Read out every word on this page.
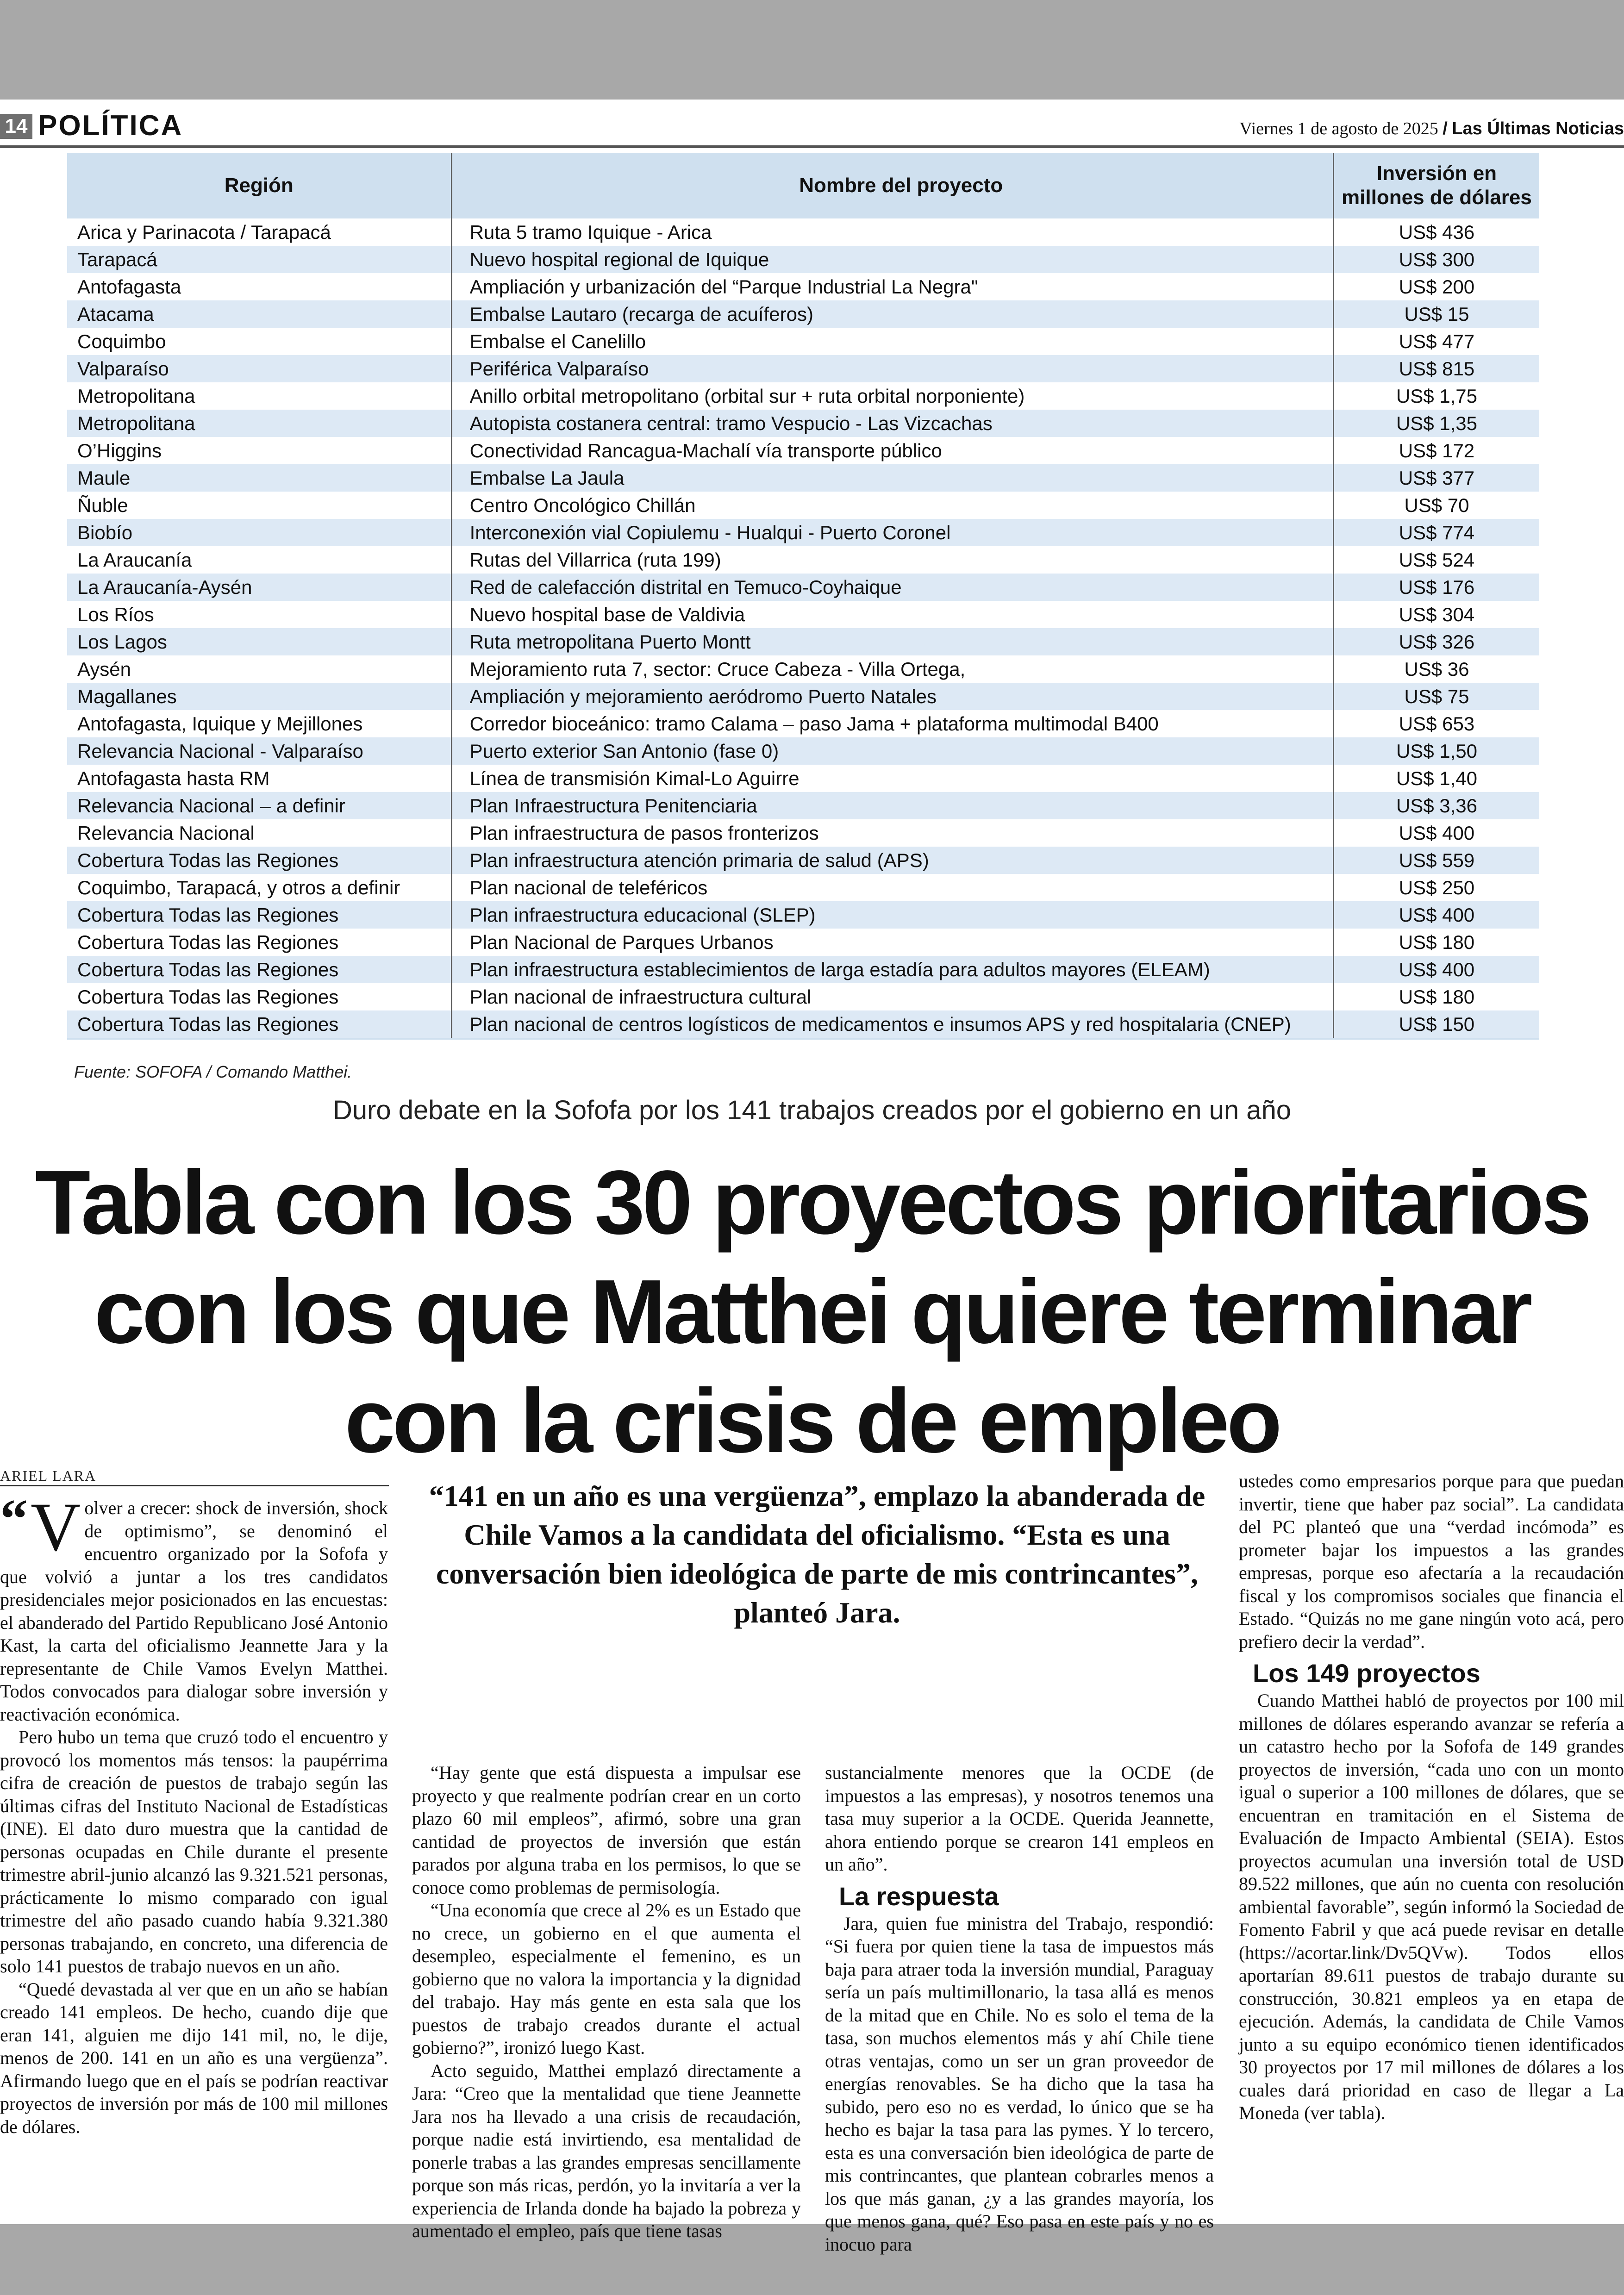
14 POLÍTICA	Viernes 1 de agosto de 2025 / Las Últimas Noticias
Región	Nombre del proyecto	Inversión en millones de dólares
Arica y Parinacota / Tarapacá	Ruta 5 tramo Iquique - Arica	US$ 436
Tarapacá	Nuevo hospital regional de Iquique	US$ 300
Antofagasta	Ampliación y urbanización del “Parque Industrial La Negra"	US$ 200
Atacama	Embalse Lautaro (recarga de acuíferos)	US$ 15
Coquimbo	Embalse el Canelillo	US$ 477
Valparaíso	Periférica Valparaíso	US$ 815
Metropolitana	Anillo orbital metropolitano (orbital sur + ruta orbital norponiente)	US$ 1,75
Metropolitana	Autopista costanera central: tramo Vespucio - Las Vizcachas	US$ 1,35
O’Higgins	Conectividad Rancagua-Machalí vía transporte público	US$ 172
Maule	Embalse La Jaula	US$ 377
Ñuble	Centro Oncológico Chillán	US$ 70
Biobío	Interconexión vial Copiulemu - Hualqui - Puerto Coronel	US$ 774
La Araucanía	Rutas del Villarrica (ruta 199)	US$ 524
La Araucanía-Aysén	Red de calefacción distrital en Temuco-Coyhaique	US$ 176
Los Ríos	Nuevo hospital base de Valdivia	US$ 304
Los Lagos	Ruta metropolitana Puerto Montt	US$ 326
Aysén	Mejoramiento ruta 7, sector: Cruce Cabeza - Villa Ortega,	US$ 36
Magallanes	Ampliación y mejoramiento aeródromo Puerto Natales	US$ 75
Antofagasta, Iquique y Mejillones	Corredor bioceánico: tramo Calama – paso Jama + plataforma multimodal B400	US$ 653
Relevancia Nacional - Valparaíso	Puerto exterior San Antonio (fase 0)	US$ 1,50
Antofagasta hasta RM	Línea de transmisión Kimal-Lo Aguirre	US$ 1,40
Relevancia Nacional – a definir	Plan Infraestructura Penitenciaria	US$ 3,36
Relevancia Nacional	Plan infraestructura de pasos fronterizos	US$ 400
Cobertura Todas las Regiones	Plan infraestructura atención primaria de salud (APS)	US$ 559
Coquimbo, Tarapacá, y otros a definir	Plan nacional de teleféricos	US$ 250
Cobertura Todas las Regiones	Plan infraestructura educacional (SLEP)	US$ 400
Cobertura Todas las Regiones	Plan Nacional de Parques Urbanos	US$ 180
Cobertura Todas las Regiones	Plan infraestructura establecimientos de larga estadía para adultos mayores (ELEAM)	US$ 400
Cobertura Todas las Regiones	Plan nacional de infraestructura cultural	US$ 180
Cobertura Todas las Regiones	Plan nacional de centros logísticos de medicamentos e insumos APS y red hospitalaria (CNEP)	US$ 150
Fuente: SOFOFA / Comando Matthei.
Duro debate en la Sofofa por los 141 trabajos creados por el gobierno en un año
Tabla con los 30 proyectos prioritarios
con los que Matthei quiere terminar
con la crisis de empleo
ARIEL LARA
“141 en un año es una vergüenza”, emplazo la abanderada de Chile Vamos a la candidata del oficialismo. “Esta es una conversación bien ideológica de parte de mis contrincantes”, planteó Jara.

“ V olver a crecer: shock de inversión, shock de optimismo”, se denominó el encuentro organizado por la Sofofa y que volvió a juntar a los tres candidatos presidenciales mejor posicionados en las encuestas: el abanderado del Partido Republicano José Antonio Kast, la carta del oficialismo Jeannette Jara y la representante de Chile Vamos Evelyn Matthei. Todos convocados para dialogar sobre inversión y reactivación económica.

Pero hubo un tema que cruzó todo el encuentro y provocó los momentos más tensos: la paupérrima cifra de creación de puestos de trabajo según las últimas cifras del Instituto Nacional de Estadísticas (INE). El dato duro muestra que la cantidad de personas ocupadas en Chile durante el presente trimestre abril-junio alcanzó las 9.321.521 personas, prácticamente lo mismo comparado con igual trimestre del año pasado cuando había 9.321.380 personas trabajando, en concreto, una diferencia de solo 141 puestos de trabajo nuevos en un año.

“Quedé devastada al ver que en un año se habían creado 141 empleos. De hecho, cuando dije que eran 141, alguien me dijo 141 mil, no, le dije, menos de 200. 141 en un año es una vergüenza”. Afirmando luego que en el país se podrían reactivar proyectos de inversión por más de 100 mil millones de dólares.

“Hay gente que está dispuesta a impulsar ese proyecto y que realmente podrían crear en un corto plazo 60 mil empleos”, afirmó, sobre una gran cantidad de proyectos de inversión que están parados por alguna traba en los permisos, lo que se conoce como problemas de permisología.

“Una economía que crece al 2% es un Estado que no crece, un gobierno en el que aumenta el desempleo, especialmente el femenino, es un gobierno que no valora la importancia y la dignidad del trabajo. Hay más gente en esta sala que los puestos de trabajo creados durante el actual gobierno?”, ironizó luego Kast.

Acto seguido, Matthei emplazó directamente a Jara: “Creo que la mentalidad que tiene Jeannette Jara nos ha llevado a una crisis de recaudación, porque nadie está invirtiendo, esa mentalidad de ponerle trabas a las grandes empresas sencillamente porque son más ricas, perdón, yo la invitaría a ver la experiencia de Irlanda donde ha bajado la pobreza y aumentado el empleo, país que tiene tasas

sustancialmente menores que la OCDE (de impuestos a las empresas), y nosotros tenemos una tasa muy superior a la OCDE. Querida Jeannette, ahora entiendo porque se crearon 141 empleos en un año”.

La respuesta

Jara, quien fue ministra del Trabajo, respondió: “Si fuera por quien tiene la tasa de impuestos más baja para atraer toda la inversión mundial, Paraguay sería un país multimillonario, la tasa allá es menos de la mitad que en Chile. No es solo el tema de la tasa, son muchos elementos más y ahí Chile tiene otras ventajas, como un ser un gran proveedor de energías renovables. Se ha dicho que la tasa ha subido, pero eso no es verdad, lo único que se ha hecho es bajar la tasa para las pymes. Y lo tercero, esta es una conversación bien ideológica de parte de mis contrincantes, que plantean cobrarles menos a los que más ganan, ¿y a las grandes mayoría, los que menos gana, qué? Eso pasa en este país y no es inocuo para

ustedes como empresarios porque para que puedan invertir, tiene que haber paz social”. La candidata del PC planteó que una “verdad incómoda” es prometer bajar los impuestos a las grandes empresas, porque eso afectaría a la recaudación fiscal y los compromisos sociales que financia el Estado. “Quizás no me gane ningún voto acá, pero prefiero decir la verdad”.

Los 149 proyectos

Cuando Matthei habló de proyectos por 100 mil millones de dólares esperando avanzar se refería a un catastro hecho por la Sofofa de 149 grandes proyectos de inversión, “cada uno con un monto igual o superior a 100 millones de dólares, que se encuentran en tramitación en el Sistema de Evaluación de Impacto Ambiental (SEIA). Estos proyectos acumulan una inversión total de USD 89.522 millones, que aún no cuenta con resolución ambiental favorable”, según informó la Sociedad de Fomento Fabril y que acá puede revisar en detalle (https://acortar.link/Dv5QVw). Todos ellos aportarían 89.611 puestos de trabajo durante su construcción, 30.821 empleos ya en etapa de ejecución. Además, la candidata de Chile Vamos junto a su equipo económico tienen identificados 30 proyectos por 17 mil millones de dólares a los cuales dará prioridad en caso de llegar a La Moneda (ver tabla).
